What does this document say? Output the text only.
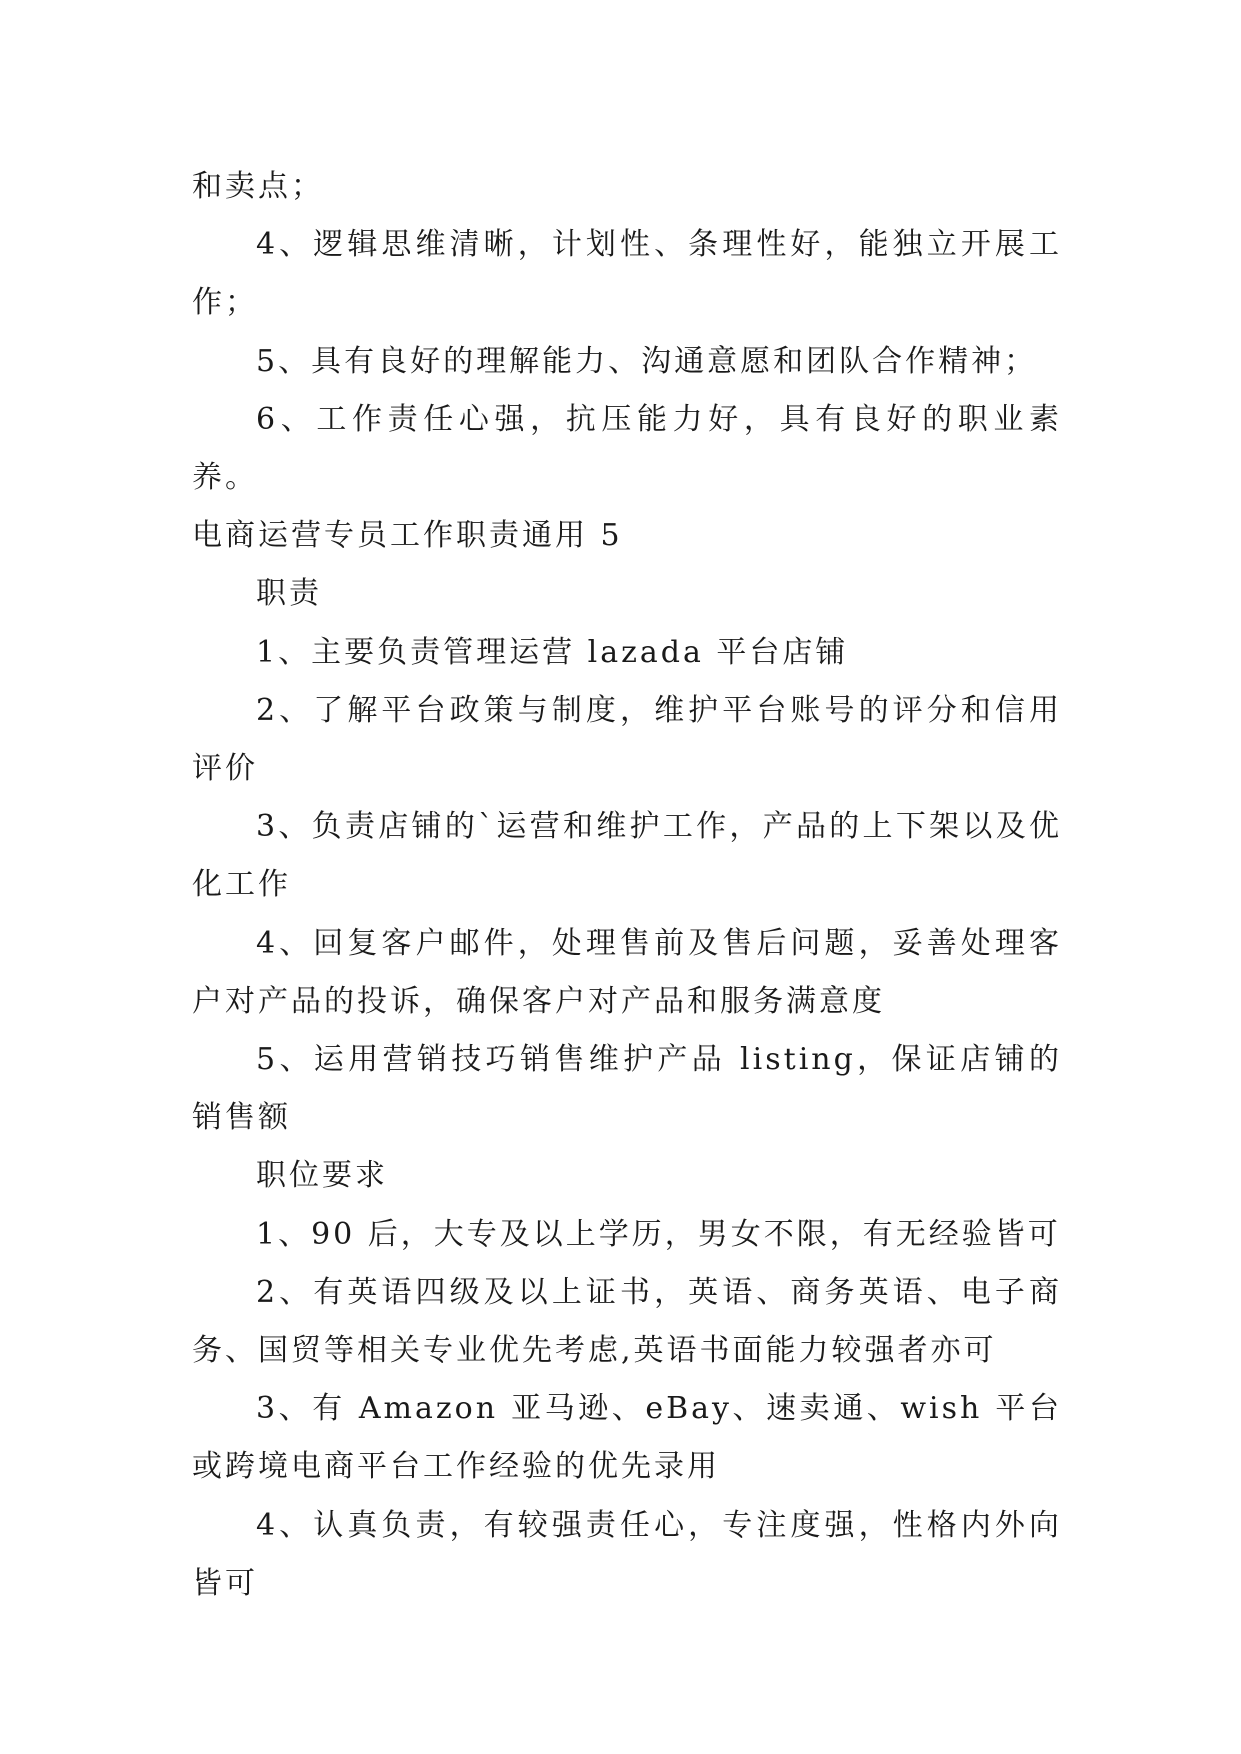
和卖点；

4、逻辑思维清晰，计划性、条理性好，能独立开展工作；

5、具有良好的理解能力、沟通意愿和团队合作精神；

6、工作责任心强，抗压能力好，具有良好的职业素养。

电商运营专员工作职责通用 5

职责

1、主要负责管理运营 lazada 平台店铺

2、了解平台政策与制度，维护平台账号的评分和信用评价

3、负责店铺的`运营和维护工作，产品的上下架以及优化工作

4、回复客户邮件，处理售前及售后问题，妥善处理客户对产品的投诉，确保客户对产品和服务满意度

5、运用营销技巧销售维护产品 listing，保证店铺的销售额

职位要求

1、90 后，大专及以上学历，男女不限，有无经验皆可

2、有英语四级及以上证书，英语、商务英语、电子商务、国贸等相关专业优先考虑,英语书面能力较强者亦可

3、有 Amazon 亚马逊、eBay、速卖通、wish 平台或跨境电商平台工作经验的优先录用

4、认真负责，有较强责任心，专注度强，性格内外向皆可
